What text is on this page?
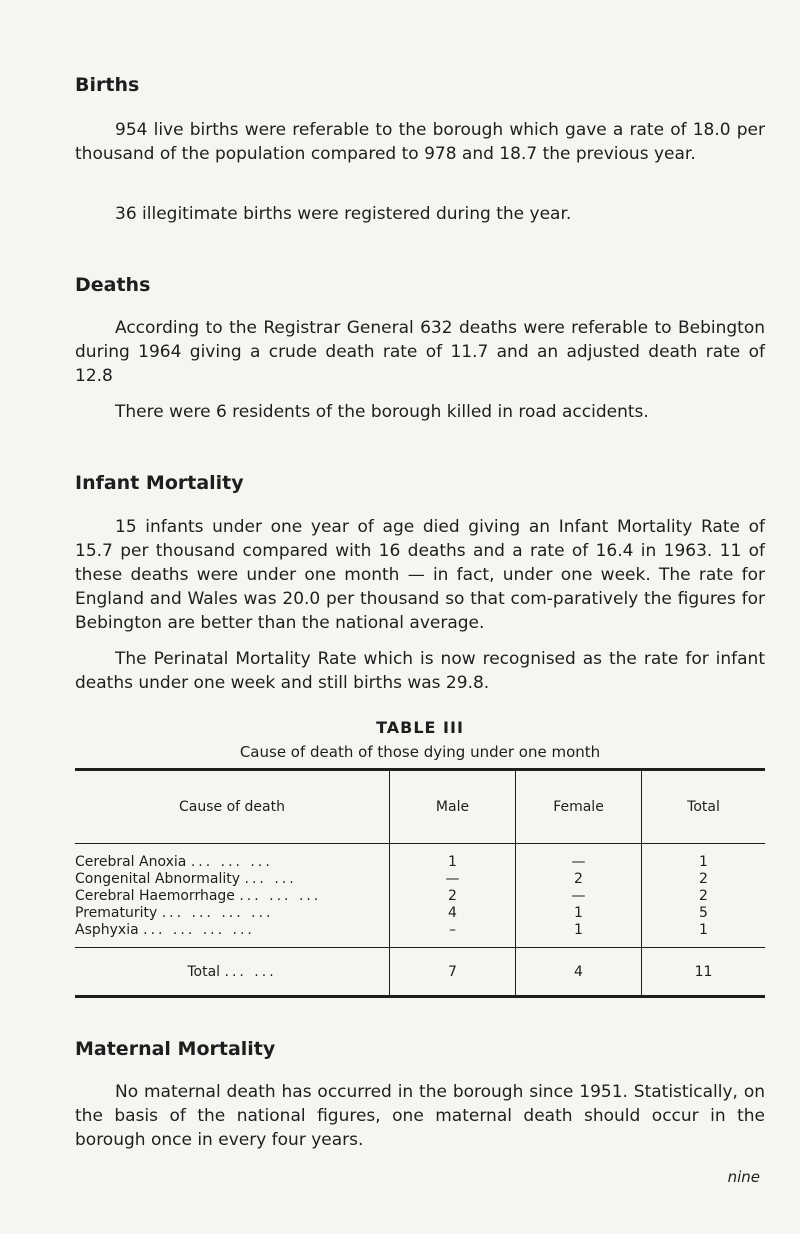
Births

954 live births were referable to the borough which gave a rate of 18.0 per thousand of the population compared to 978 and 18.7 the previous year.

36 illegitimate births were registered during the year.

Deaths

According to the Registrar General 632 deaths were referable to Bebington during 1964 giving a crude death rate of 11.7 and an adjusted death rate of 12.8

There were 6 residents of the borough killed in road accidents.

Infant Mortality

15 infants under one year of age died giving an Infant Mortality Rate of 15.7 per thousand compared with 16 deaths and a rate of 16.4 in 1963. 11 of these deaths were under one month — in fact, under one week. The rate for England and Wales was 20.0 per thousand so that com-paratively the figures for Bebington are better than the national average.

The Perinatal Mortality Rate which is now recognised as the rate for infant deaths under one week and still births was 29.8.

TABLE III
Cause of death of those dying under one month
Cause of death	Male	Female	Total
Cerebral Anoxia ... ... ...	1	—	1
Congenital Abnormality ... ...	—	2	2
Cerebral Haemorrhage ... ... ...	2	—	2
Prematurity ... ... ... ...	4	1	5
Asphyxia ... ... ... ...	–	1	1
Total ... ...	7	4	11
Maternal Mortality

No maternal death has occurred in the borough since 1951. Statistically, on the basis of the national figures, one maternal death should occur in the borough once in every four years.

nine
